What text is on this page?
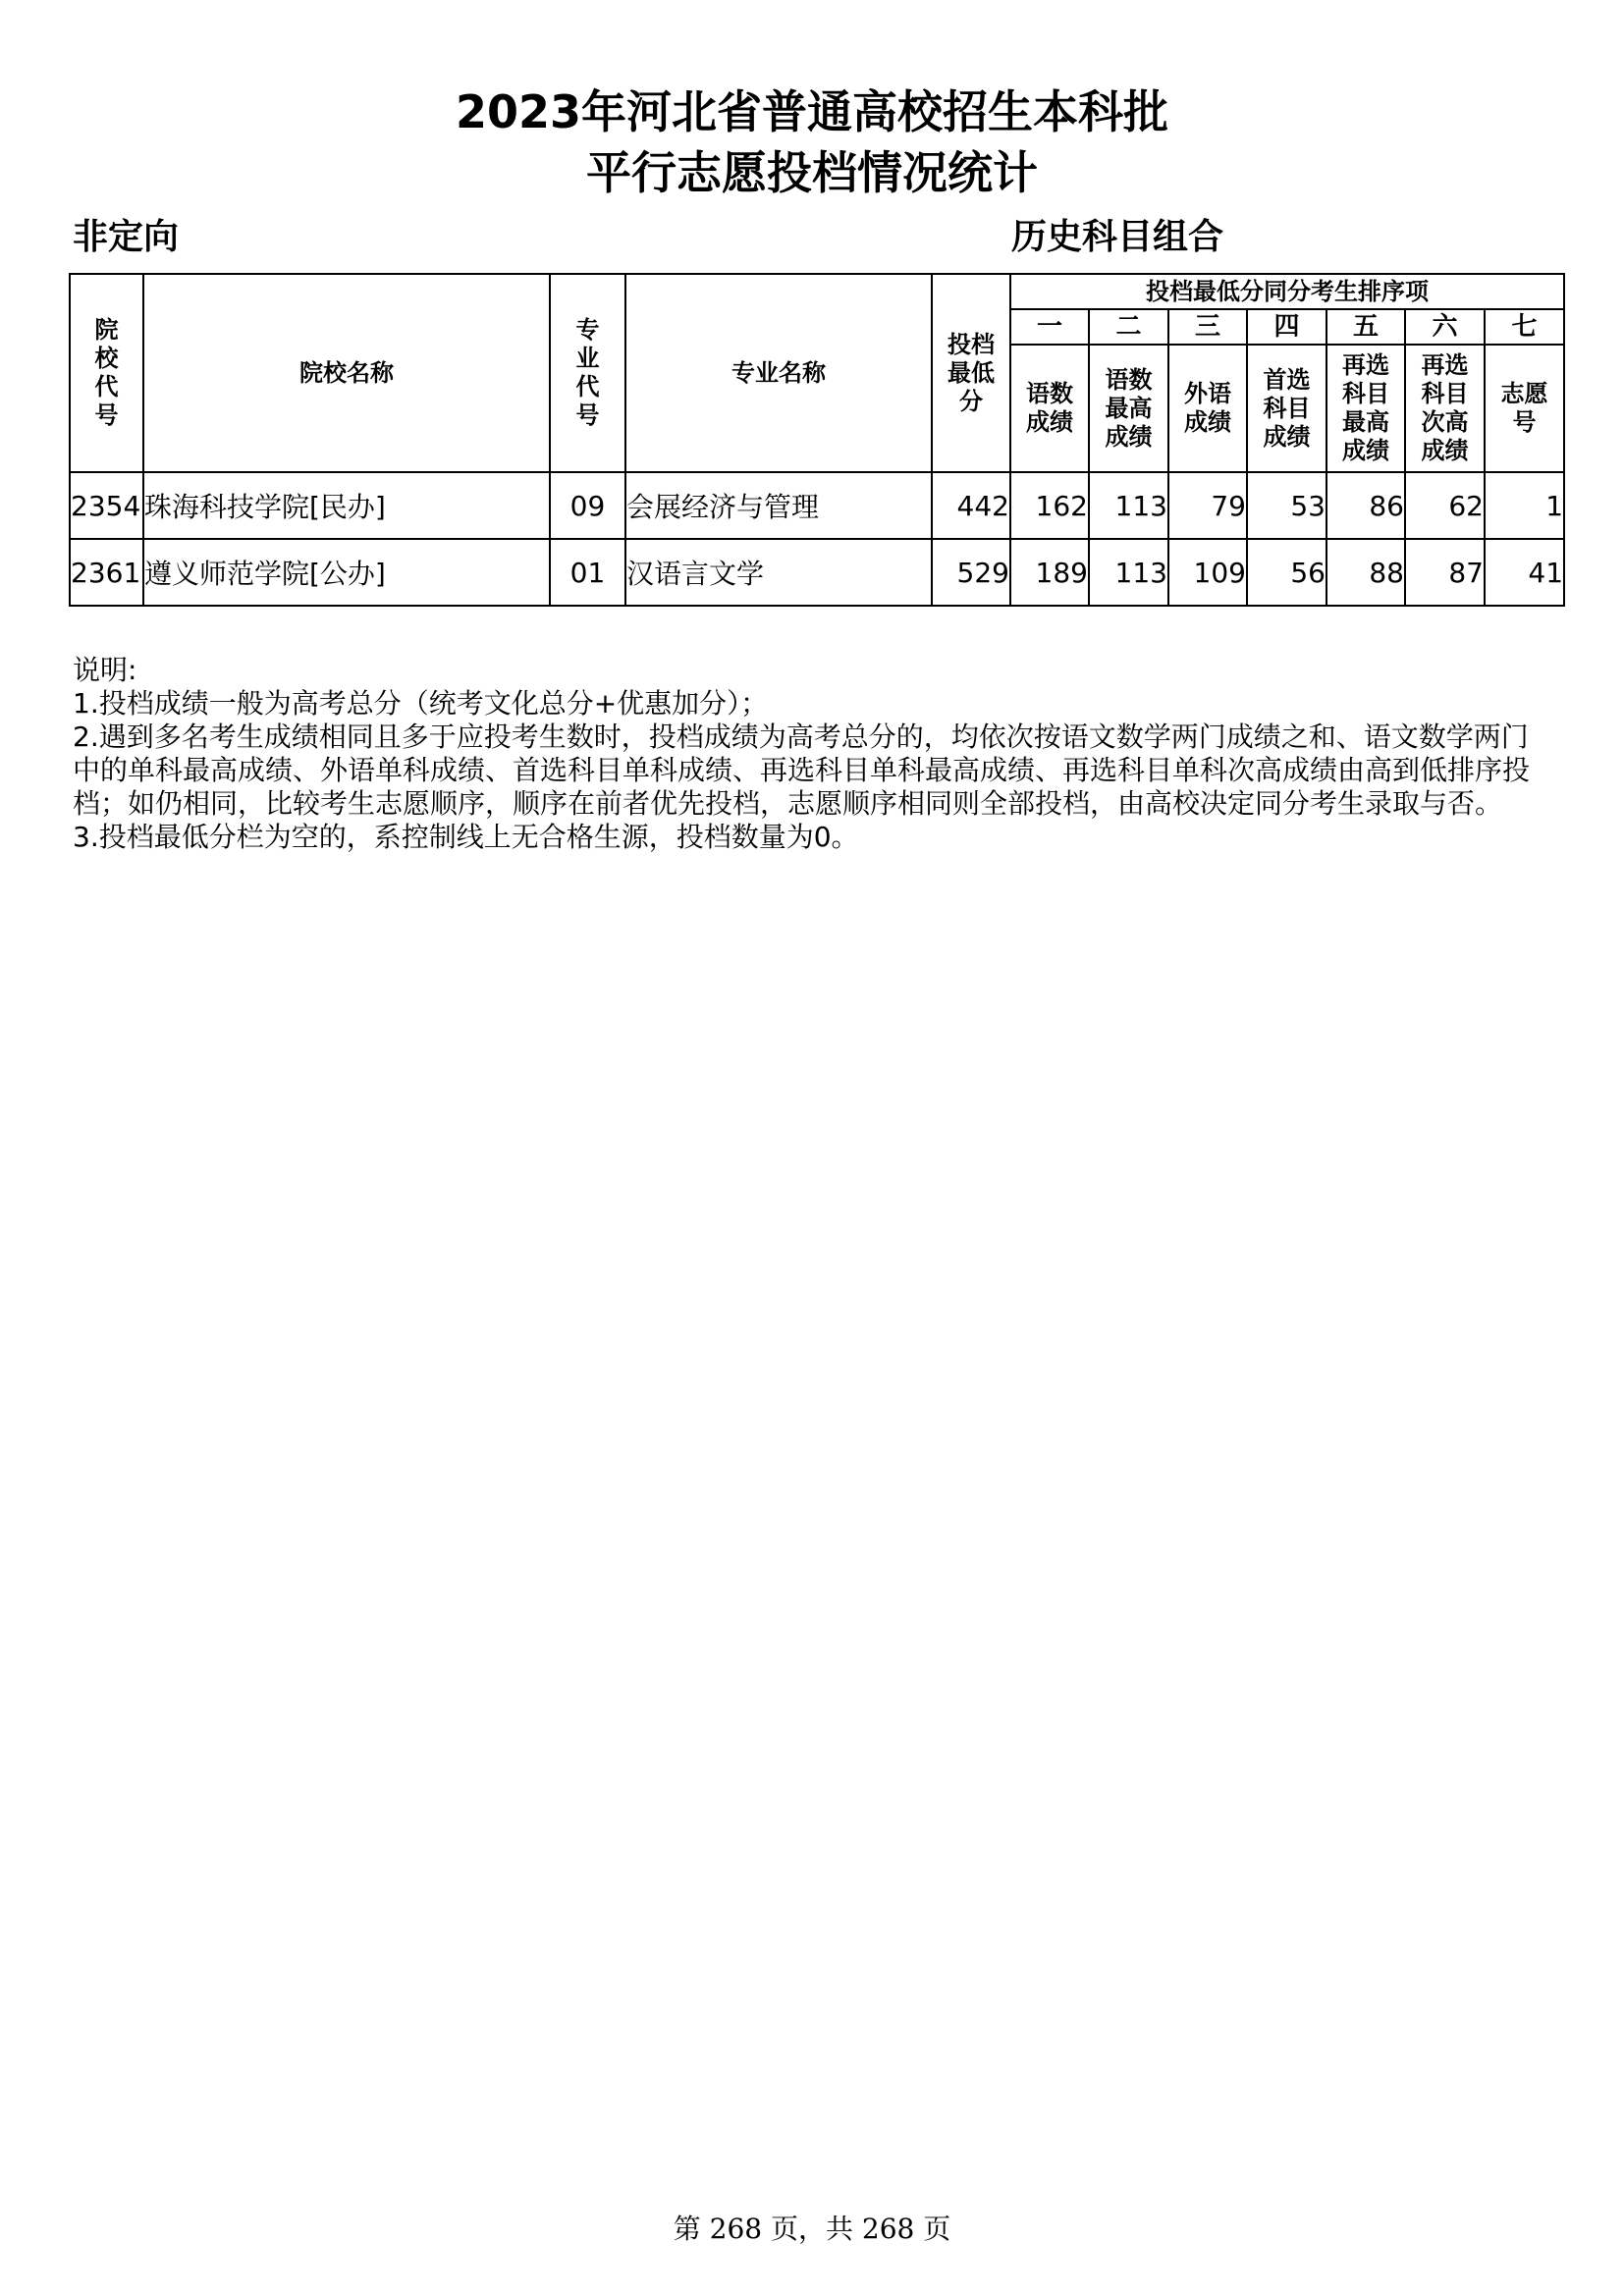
2023年河北省普通高校招生本科批
平行志愿投档情况统计
非定向	历史科目组合
院校代号	院校名称	专业代号	专业名称	投档最低分	投档最低分同分考生排序项						
					一	二	三	四	五	六	七
					语数成绩	语数最高成绩	外语成绩	首选科目成绩	再选科目最高成绩	再选科目次高成绩	志愿号
2354	珠海科技学院[民办]	09	会展经济与管理	442	162	113	79	53	86	62	1
2361	遵义师范学院[公办]	01	汉语言文学	529	189	113	109	56	88	87	41
说明:
1.投档成绩一般为高考总分（统考文化总分+优惠加分）；
2.遇到多名考生成绩相同且多于应投考生数时，投档成绩为高考总分的，均依次按语文数学两门成绩之和、语文数学两门中的单科最高成绩、外语单科成绩、首选科目单科成绩、再选科目单科最高成绩、再选科目单科次高成绩由高到低排序投档；如仍相同，比较考生志愿顺序，顺序在前者优先投档，志愿顺序相同则全部投档，由高校决定同分考生录取与否。
3.投档最低分栏为空的，系控制线上无合格生源，投档数量为0。
第 268 页，共 268 页
